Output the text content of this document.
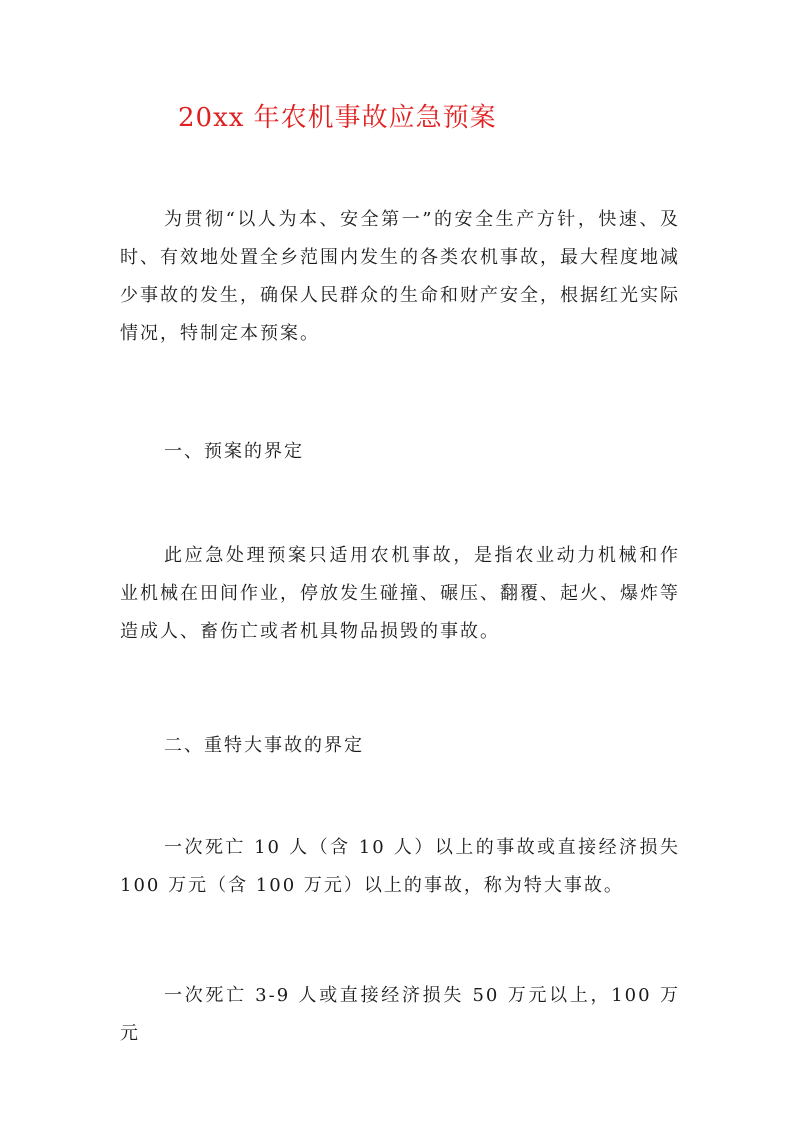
20xx 年农机事故应急预案

为贯彻“以人为本、安全第一”的安全生产方针，快速、及时、有效地处置全乡范围内发生的各类农机事故，最大程度地减少事故的发生，确保人民群众的生命和财产安全，根据红光实际情况，特制定本预案。

一、预案的界定

此应急处理预案只适用农机事故，是指农业动力机械和作业机械在田间作业，停放发生碰撞、碾压、翻覆、起火、爆炸等造成人、畜伤亡或者机具物品损毁的事故。

二、重特大事故的界定

一次死亡 10 人（含 10 人）以上的事故或直接经济损失 100 万元（含 100 万元）以上的事故，称为特大事故。

一次死亡 3-9 人或直接经济损失 50 万元以上，100 万元
